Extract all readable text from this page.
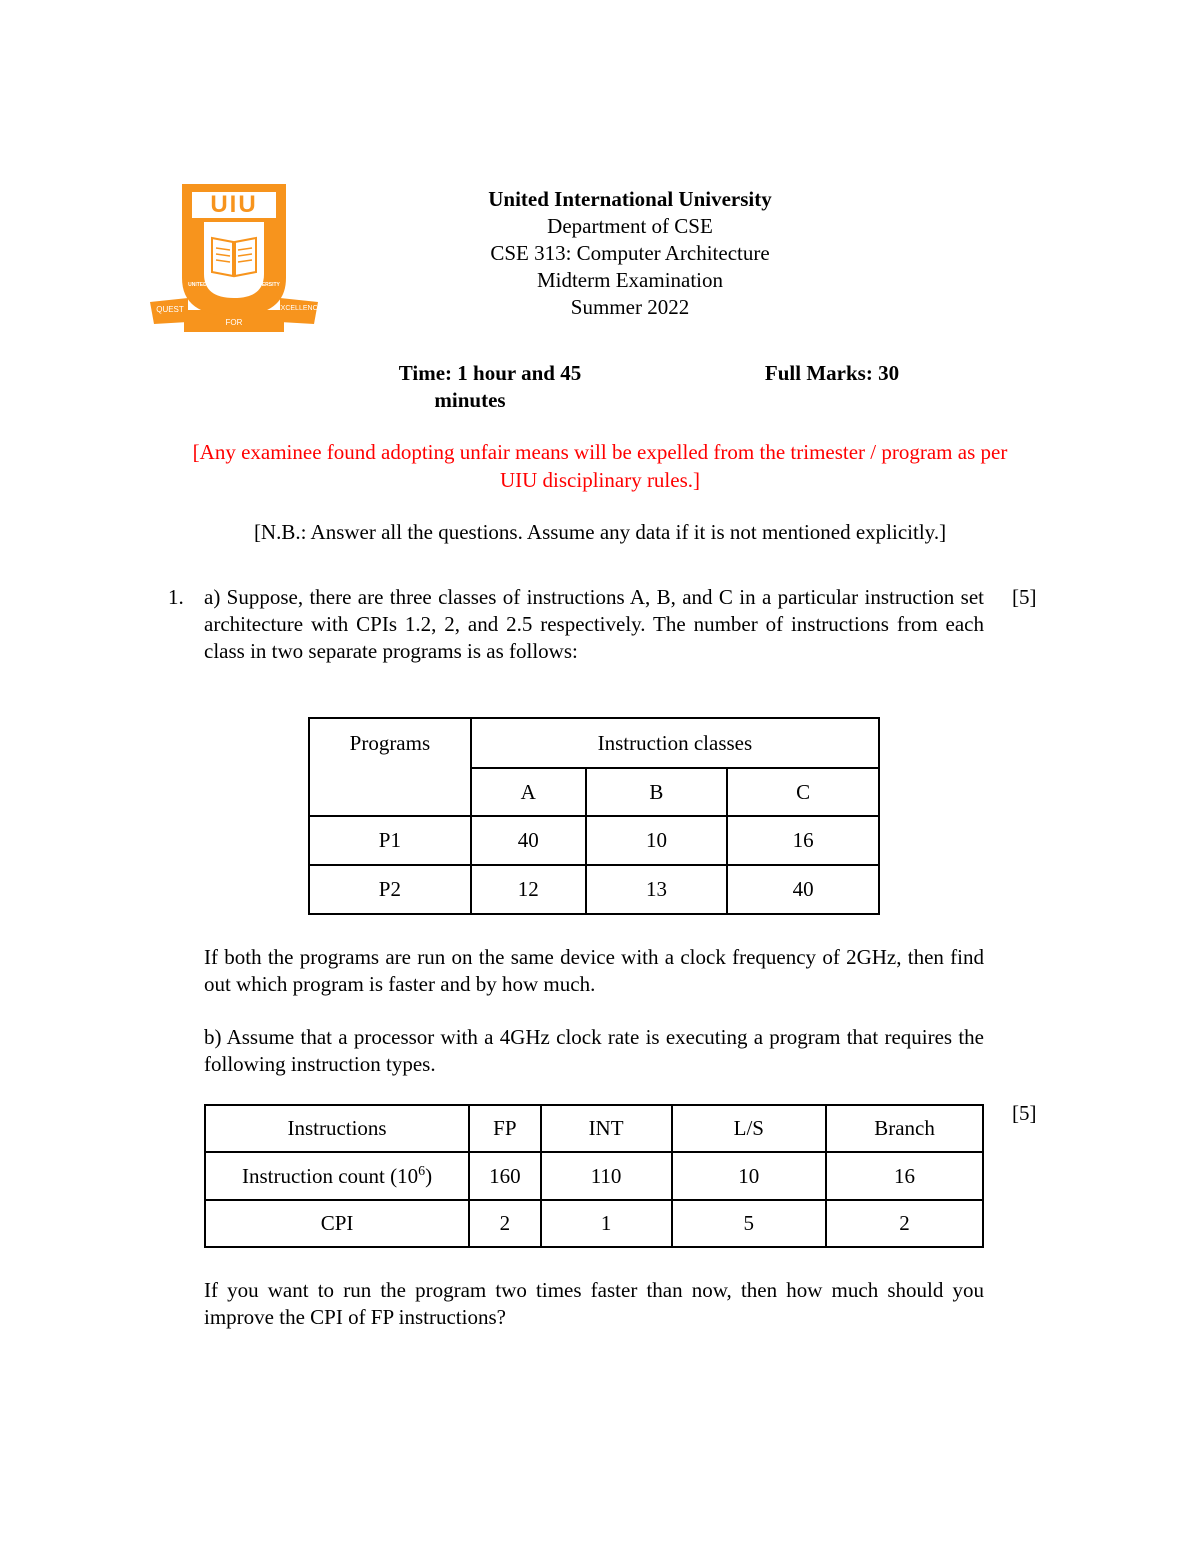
UIU
UNITED INTERNATIONAL UNIVERSITY
QUEST
FOR
EXCELLENCE
United International University
Department of CSE
CSE 313: Computer Architecture
Midterm Examination
Summer 2022
Time: 1 hour and 45
minutes
Full Marks: 30
[Any examinee found adopting unfair means will be expelled from the trimester / program as per
UIU disciplinary rules.]
[N.B.: Answer all the questions. Assume any data if it is not mentioned explicitly.]
1. a) Suppose, there are three classes of instructions A, B, and C in a particular instruction set architecture with CPIs 1.2, 2, and 2.5 respectively. The number of instructions from each class in two separate programs is as follows:
[5]
Programs	Instruction classes		
	A	B	C
P1	40	10	16
P2	12	13	40
If both the programs are run on the same device with a clock frequency of 2GHz, then find out which program is faster and by how much.
b) Assume that a processor with a 4GHz clock rate is executing a program that requires the following instruction types.
[5]
Instructions	FP	INT	L/S	Branch
Instruction count $(10^6)$	160	110	10	16
CPI	2	1	5	2
If you want to run the program two times faster than now, then how much should you improve the CPI of FP instructions?
